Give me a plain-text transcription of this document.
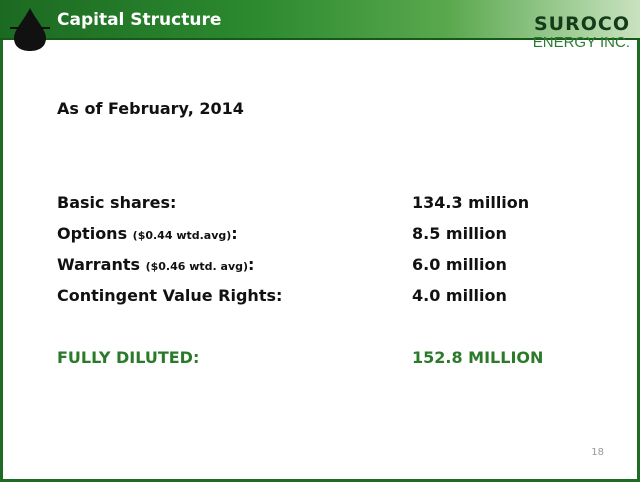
Capital Structure	SUROCO
ENERGY INC.
As of February, 2014
Basic shares:	134.3 million
Options ($0.44 wtd.avg):	8.5 million
Warrants ($0.46 wtd. avg):	6.0 million
Contingent Value Rights:	4.0 million
FULLY DILUTED:	152.8 MILLION
18
